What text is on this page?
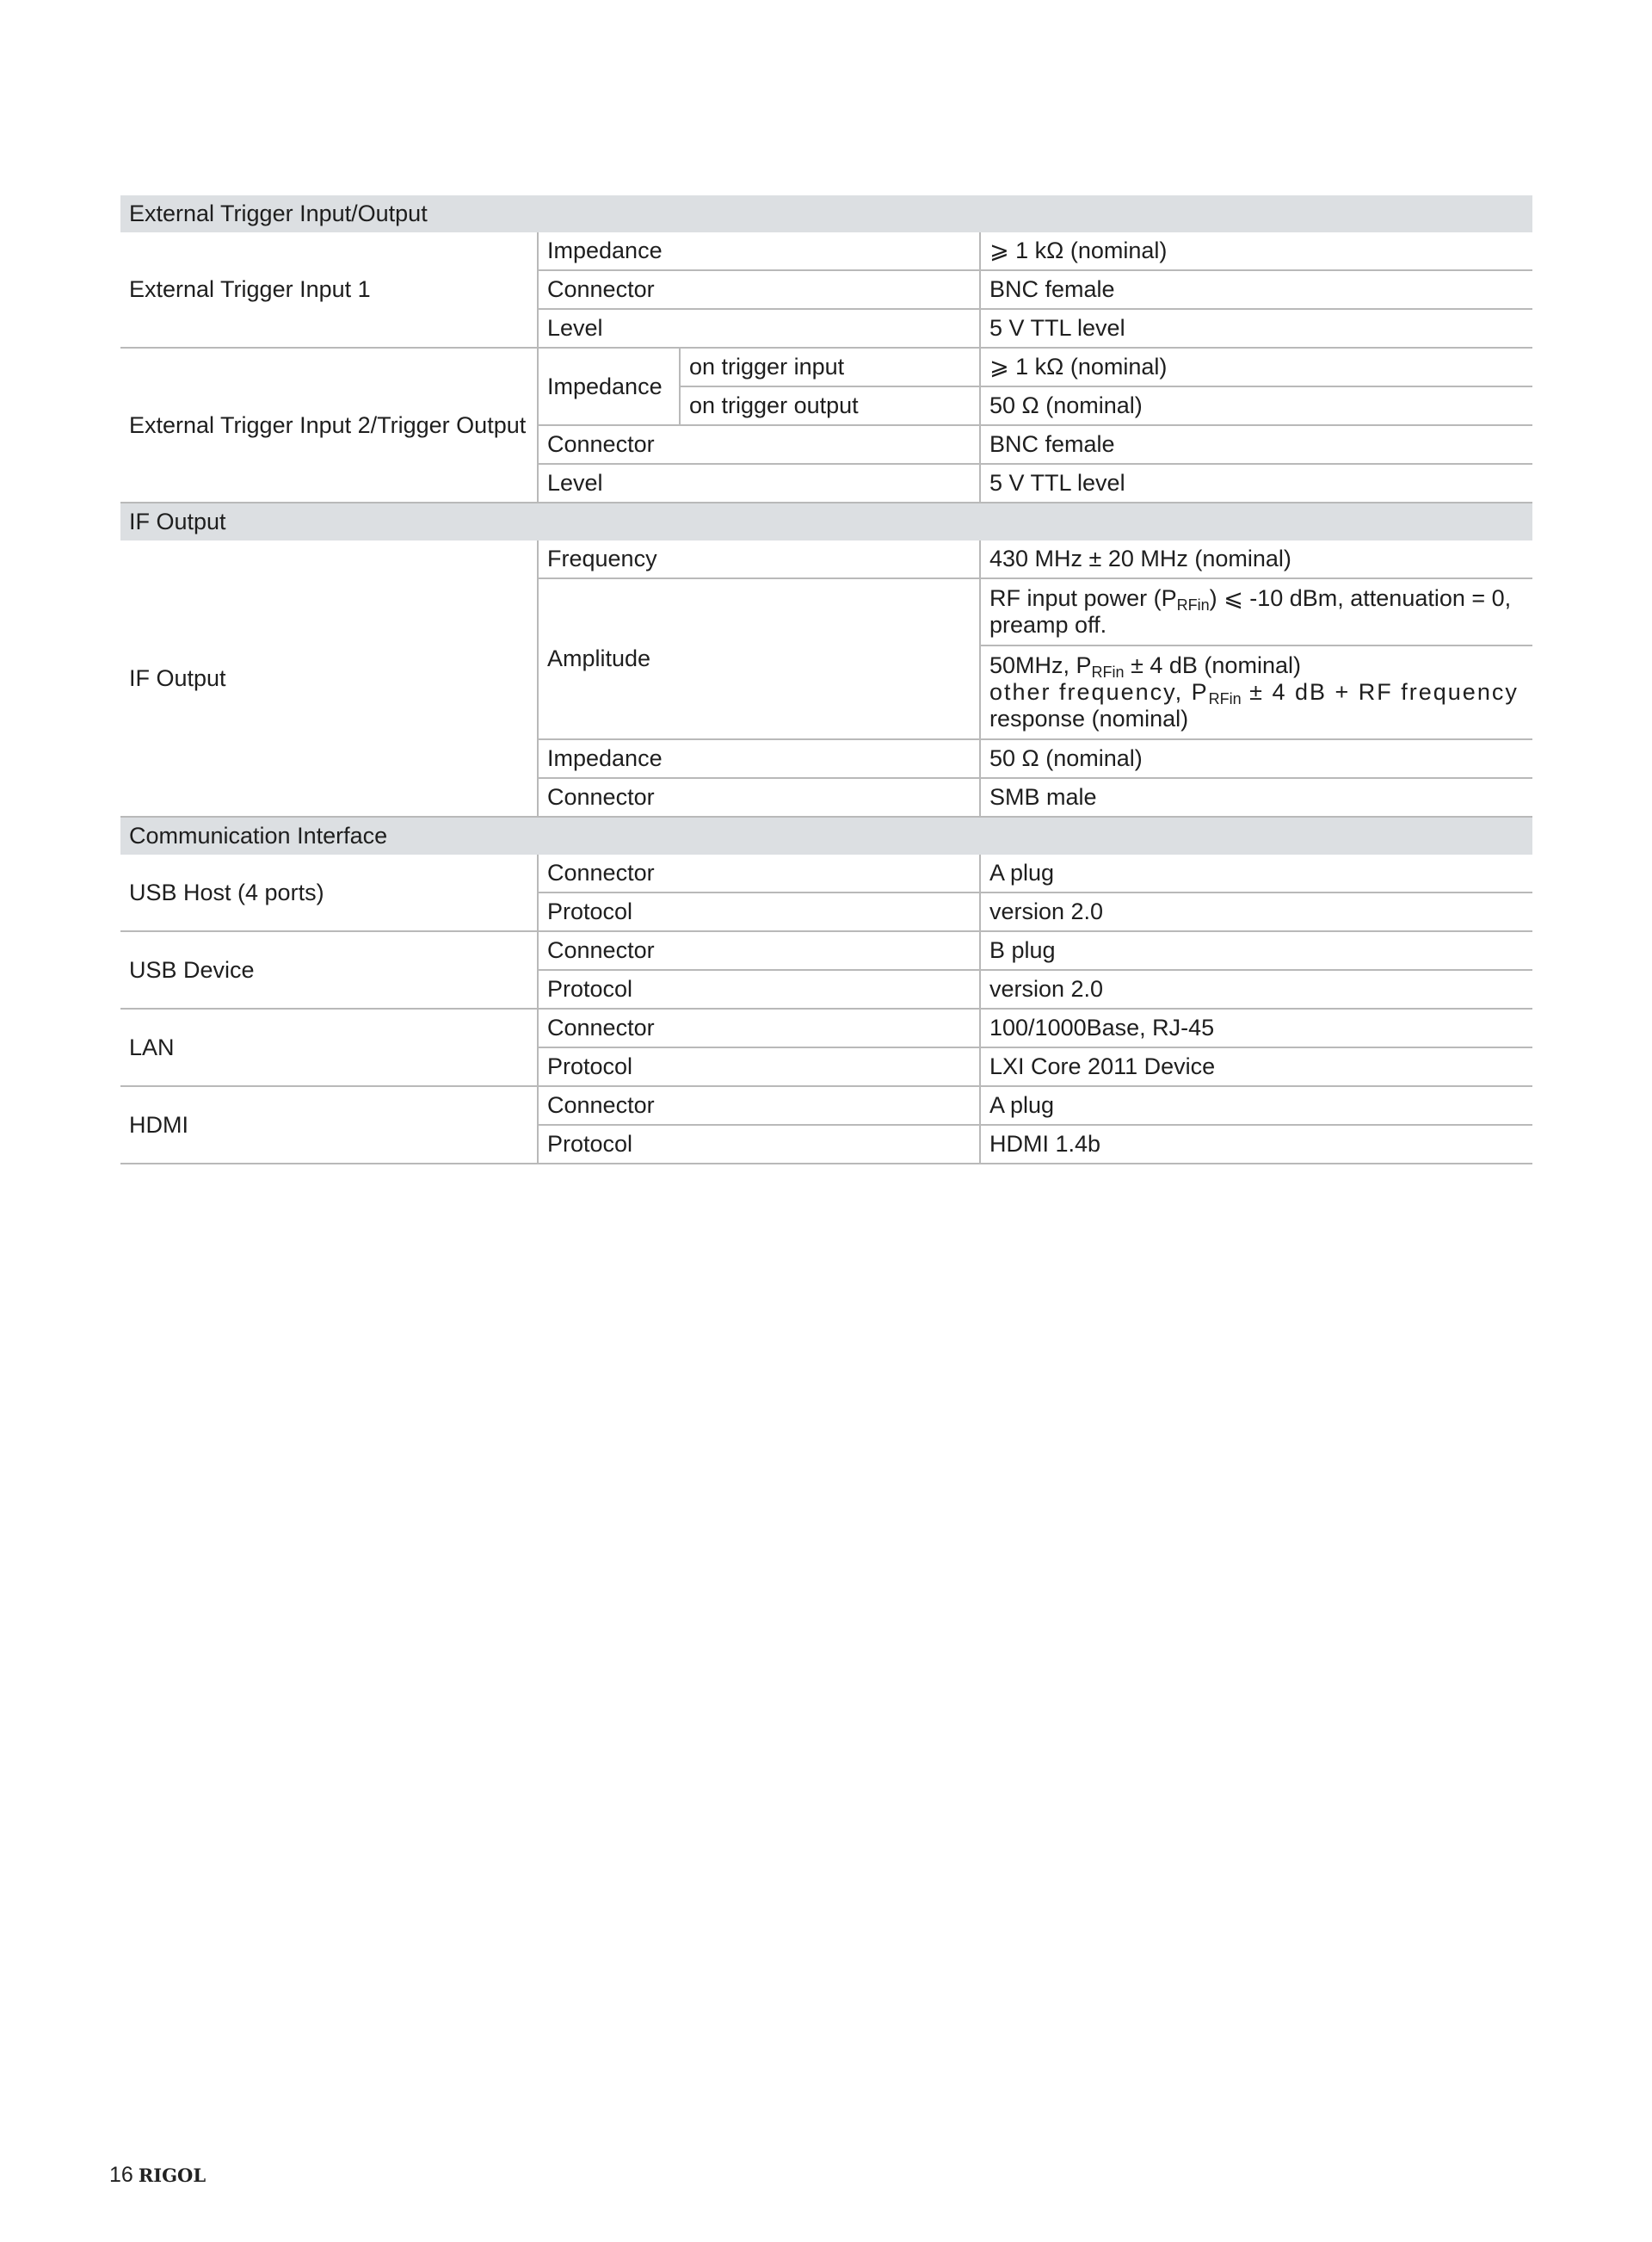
External Trigger Input/Output			
External Trigger Input 1	Impedance		⩾ 1 kΩ (nominal)
	Connector		BNC female
	Level		5 V TTL level
External Trigger Input 2/Trigger Output	Impedance	on trigger input	⩾ 1 kΩ (nominal)
		on trigger output	50 Ω (nominal)
	Connector		BNC female
	Level		5 V TTL level
IF Output			
IF Output	Frequency		430 MHz ± 20 MHz (nominal)
	Amplitude		RF input power $(P_{RFin})$ ⩽ -10 dBm, attenuation = 0,
preamp off.
			50MHz, $P_{RFin} \pm 4$ dB (nominal)
other frequency, $P_{RFin} \pm 4$ dB + RF frequency
response (nominal)
	Impedance		50 Ω (nominal)
	Connector		SMB male
Communication Interface			
USB Host (4 ports)	Connector		A plug
	Protocol		version 2.0
USB Device	Connector		B plug
	Protocol		version 2.0
LAN	Connector		100/1000Base, RJ-45
	Protocol		LXI Core 2011 Device
HDMI	Connector		A plug
	Protocol		HDMI 1.4b
16 RIGOL
